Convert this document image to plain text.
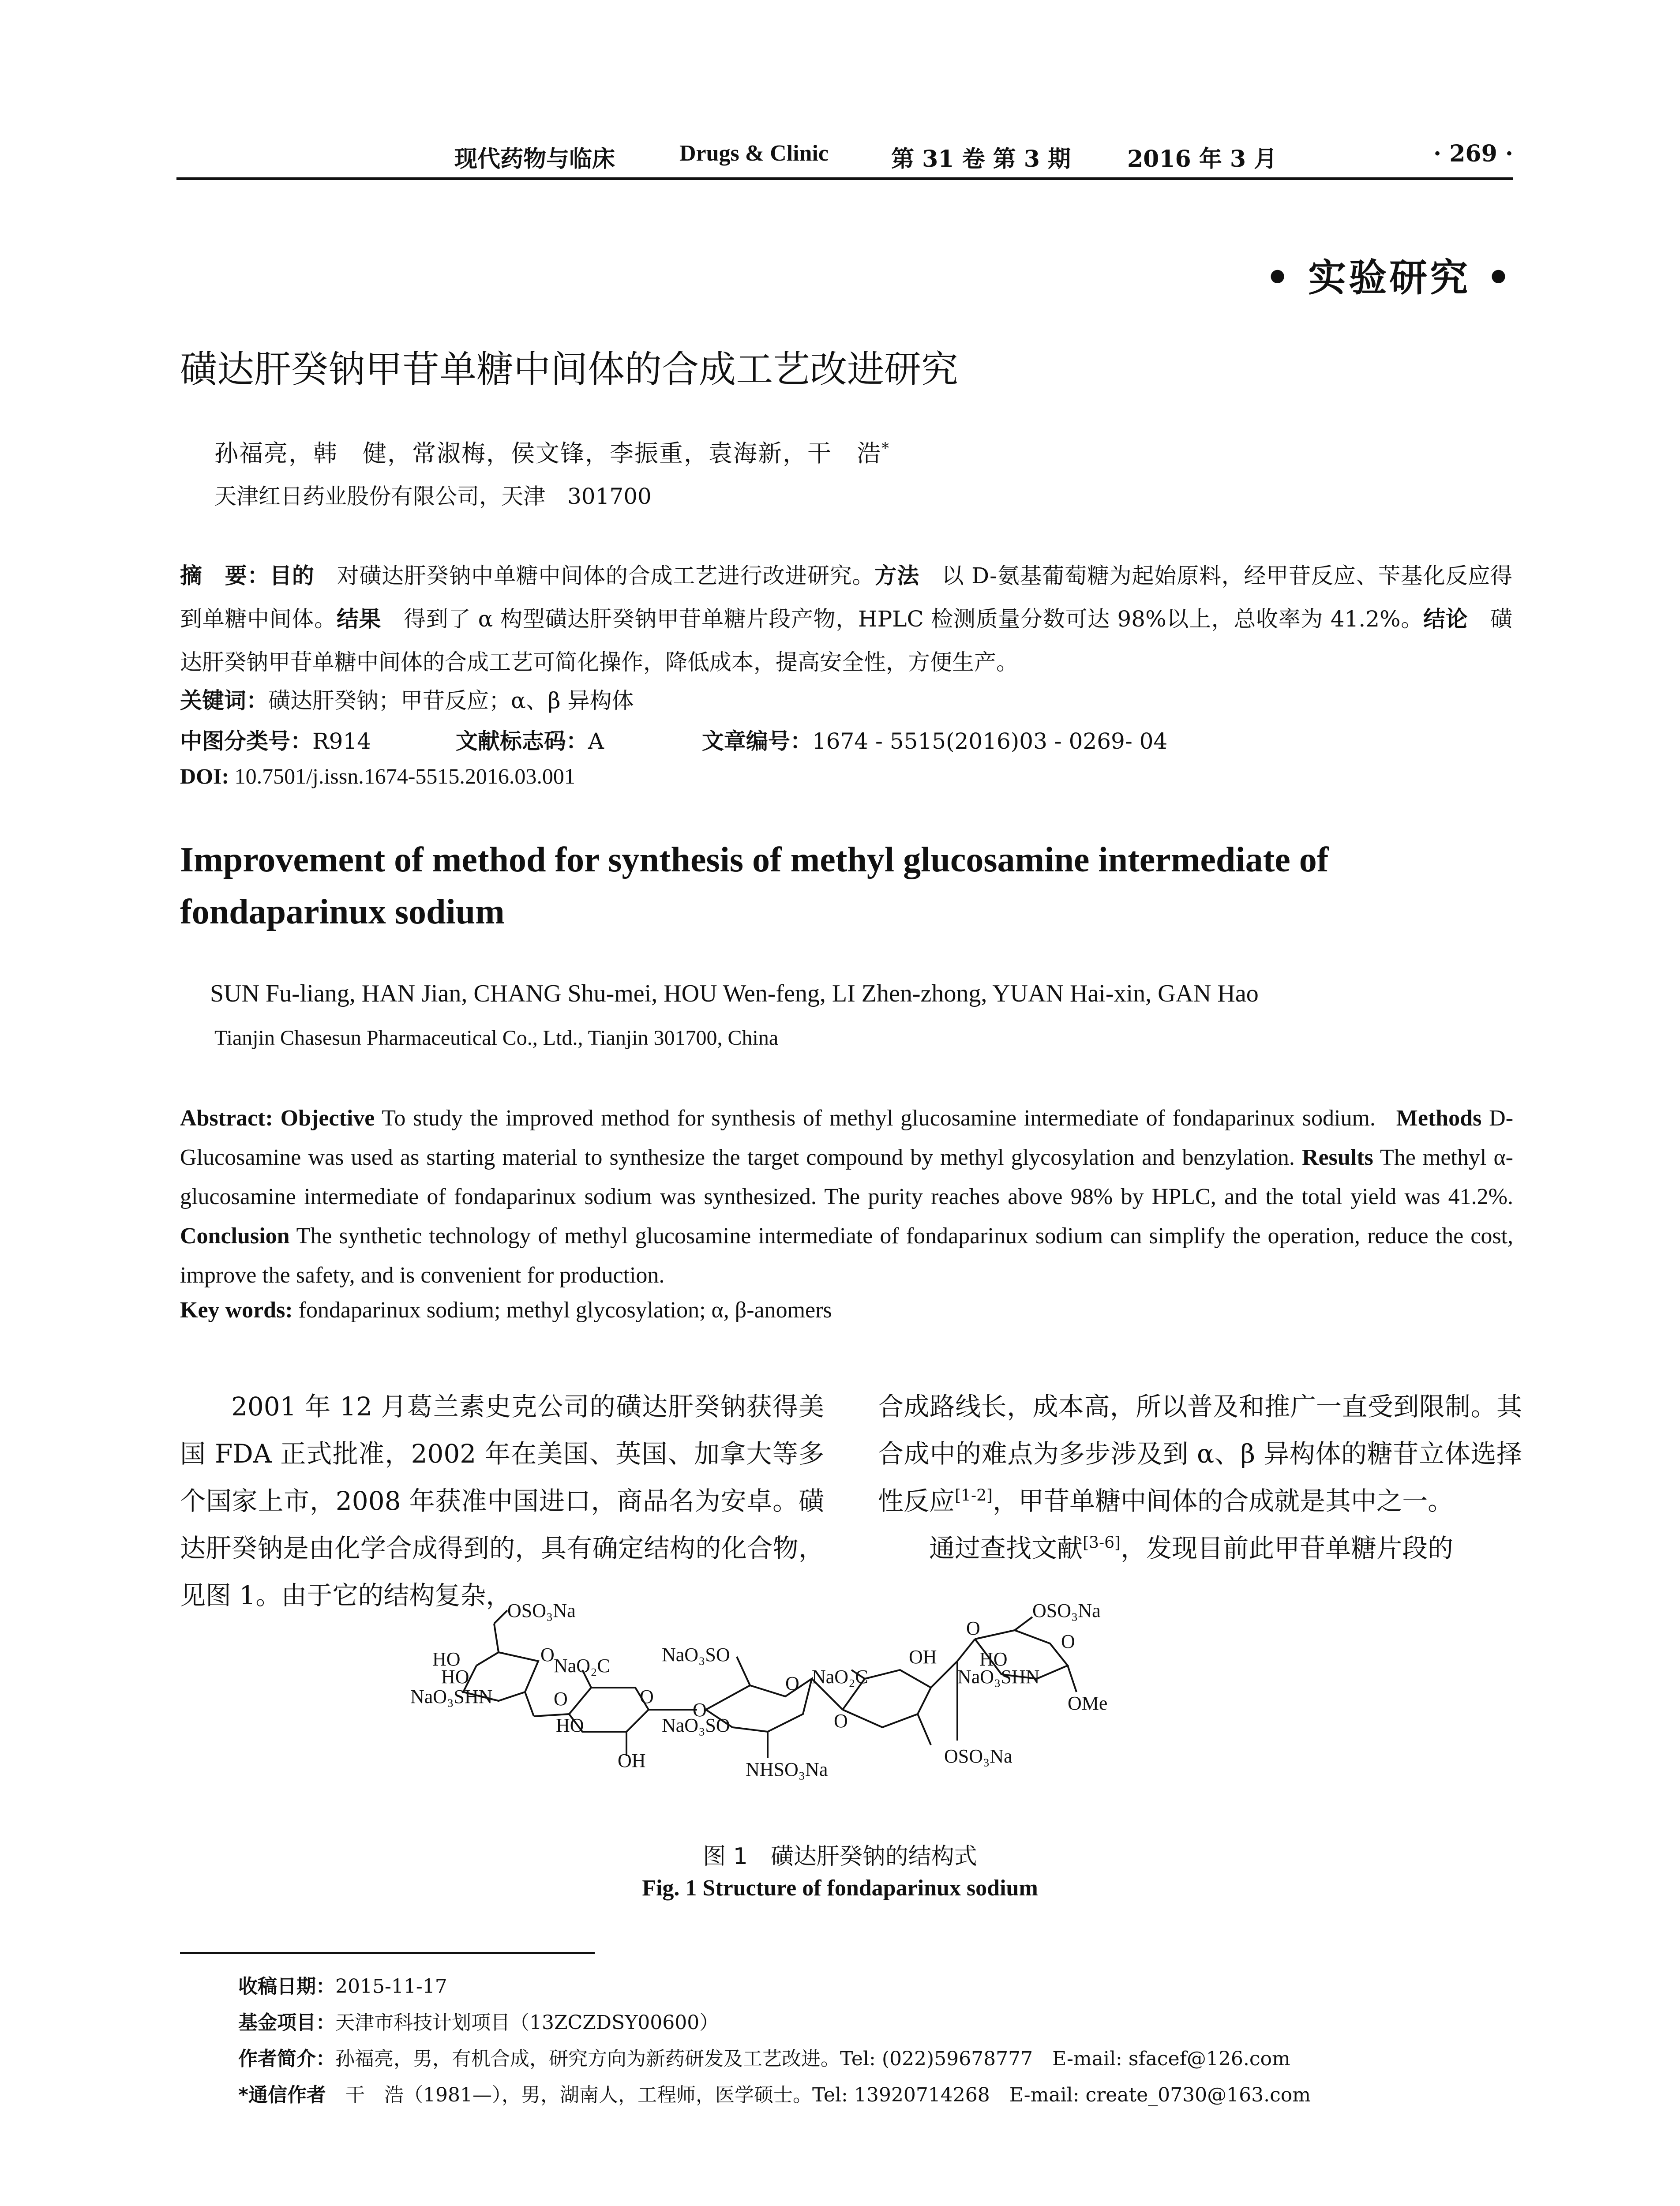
现代药物与临床	Drugs & Clinic	第 31 卷 第 3 期 2016 年 3 月	· 269 ·
• 实验研究 •
磺达肝癸钠甲苷单糖中间体的合成工艺改进研究
孙福亮，韩　健，常淑梅，侯文锋，李振重，袁海新，干　浩*
天津红日药业股份有限公司，天津　301700
摘　要：目的　对磺达肝癸钠中单糖中间体的合成工艺进行改进研究。方法　以 D-氨基葡萄糖为起始原料，经甲苷反应、苄基化反应得到单糖中间体。结果　得到了 α 构型磺达肝癸钠甲苷单糖片段产物，HPLC 检测质量分数可达 98%以上，总收率为 41.2%。结论　磺达肝癸钠甲苷单糖中间体的合成工艺可简化操作，降低成本，提高安全性，方便生产。
关键词：磺达肝癸钠；甲苷反应；α、β 异构体
中图分类号：R914	文献标志码：A	文章编号：1674 - 5515(2016)03 - 0269- 04
DOI: 10.7501/j.issn.1674-5515.2016.03.001
Improvement of method for synthesis of methyl glucosamine intermediate of fondaparinux sodium
SUN Fu-liang, HAN Jian, CHANG Shu-mei, HOU Wen-feng, LI Zhen-zhong, YUAN Hai-xin, GAN Hao
Tianjin Chasesun Pharmaceutical Co., Ltd., Tianjin 301700, China
Abstract: Objective To study the improved method for synthesis of methyl glucosamine intermediate of fondaparinux sodium. Methods D-Glucosamine was used as starting material to synthesize the target compound by methyl glycosylation and benzylation. Results The methyl α-glucosamine intermediate of fondaparinux sodium was synthesized. The purity reaches above 98% by HPLC, and the total yield was 41.2%. Conclusion The synthetic technology of methyl glucosamine intermediate of fondaparinux sodium can simplify the operation, reduce the cost, improve the safety, and is convenient for production.
Key words: fondaparinux sodium; methyl glycosylation; α, β-anomers

2001 年 12 月葛兰素史克公司的磺达肝癸钠获得美国 FDA 正式批准，2002 年在美国、英国、加拿大等多个国家上市，2008 年获准中国进口，商品名为安卓。磺达肝癸钠是由化学合成得到的，具有确定结构的化合物，见图 1。由于它的结构复杂，

合成路线长，成本高，所以普及和推广一直受到限制。其合成中的难点为多步涉及到 α、β 异构体的糖苷立体选择性反应[1-2]，甲苷单糖中间体的合成就是其中之一。

通过查找文献[3-6]，发现目前此甲苷单糖片段的

OSO₃Na
HO
HO
NaO₃SHN
O
O
NaO₂C
HO
O
OH
O
NaO₃SO
NaO₃SO
O
NHSO₃Na
NaO₂C
O
OH
OSO₃Na
O
OSO₃Na
HO
NaO₃SHN
O
OMe
图 1　磺达肝癸钠的结构式
Fig. 1 Structure of fondaparinux sodium
收稿日期：2015-11-17
基金项目：天津市科技计划项目（13ZCZDSY00600）
作者简介：孙福亮，男，有机合成，研究方向为新药研发及工艺改进。Tel: (022)59678777　E-mail: sfacef@126.com
*通信作者　干　浩（1981—），男，湖南人，工程师，医学硕士。Tel: 13920714268　E-mail: create_0730@163.com
